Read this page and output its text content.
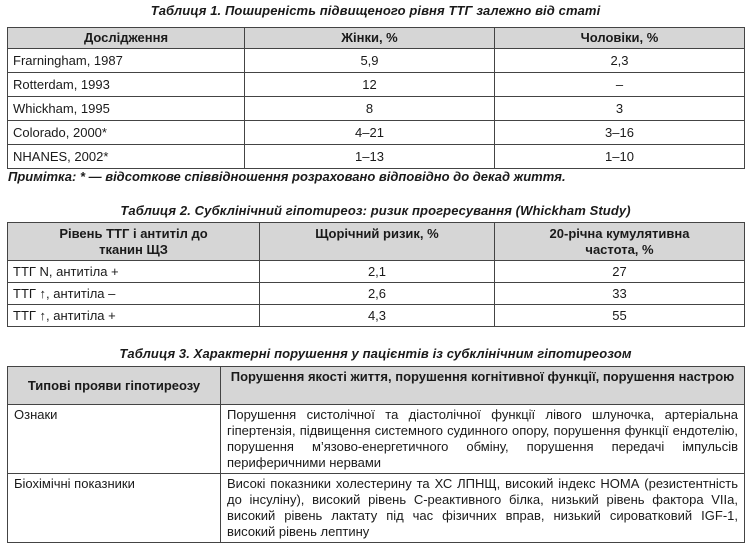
Таблиця 1. Поширеність підвищеного рівня ТТГ залежно від статі
Дослідження	Жінки, %	Чоловіки, %
Frarningham, 1987	5,9	2,3
Rotterdam, 1993	12	–
Whickham, 1995	8	3
Colorado, 2000*	4–21	3–16
NHANES, 2002*	1–13	1–10
Примітка: * — відсоткове співвідношення розраховано відповідно до декад життя.
Таблиця 2. Субклінічний гіпотиреоз: ризик прогресування (Whickham Study)
Рівень ТТГ і антитіл до тканин ЩЗ	Щорічний ризик, %	20-річна кумулятивна частота, %
ТТГ N, антитіла +	2,1	27
ТТГ ↑, антитіла –	2,6	33
ТТГ ↑, антитіла +	4,3	55
Таблиця 3. Характерні порушення у пацієнтів із субклінічним гіпотиреозом
Типові прояви гіпотиреозу	Порушення якості життя, порушення когнітивної функції, порушення настрою
Ознаки	Порушення систолічної та діастолічної функції лівого шлуночка, артеріальна гіпертензія, підвищення системного судинного опору, порушення функції ендотелію, порушення м’язово-енергетичного обміну, порушення передачі імпульсів периферичними нервами
Біохімічні показники	Високі показники холестерину та ХС ЛПНЩ, високий індекс НОМА (резистентність до інсуліну), високий рівень С-реактивного білка, низький рівень фактора VIIa, високий рівень лактату під час фізичних вправ, низький сироватковий IGF-1, високий рівень лептину
